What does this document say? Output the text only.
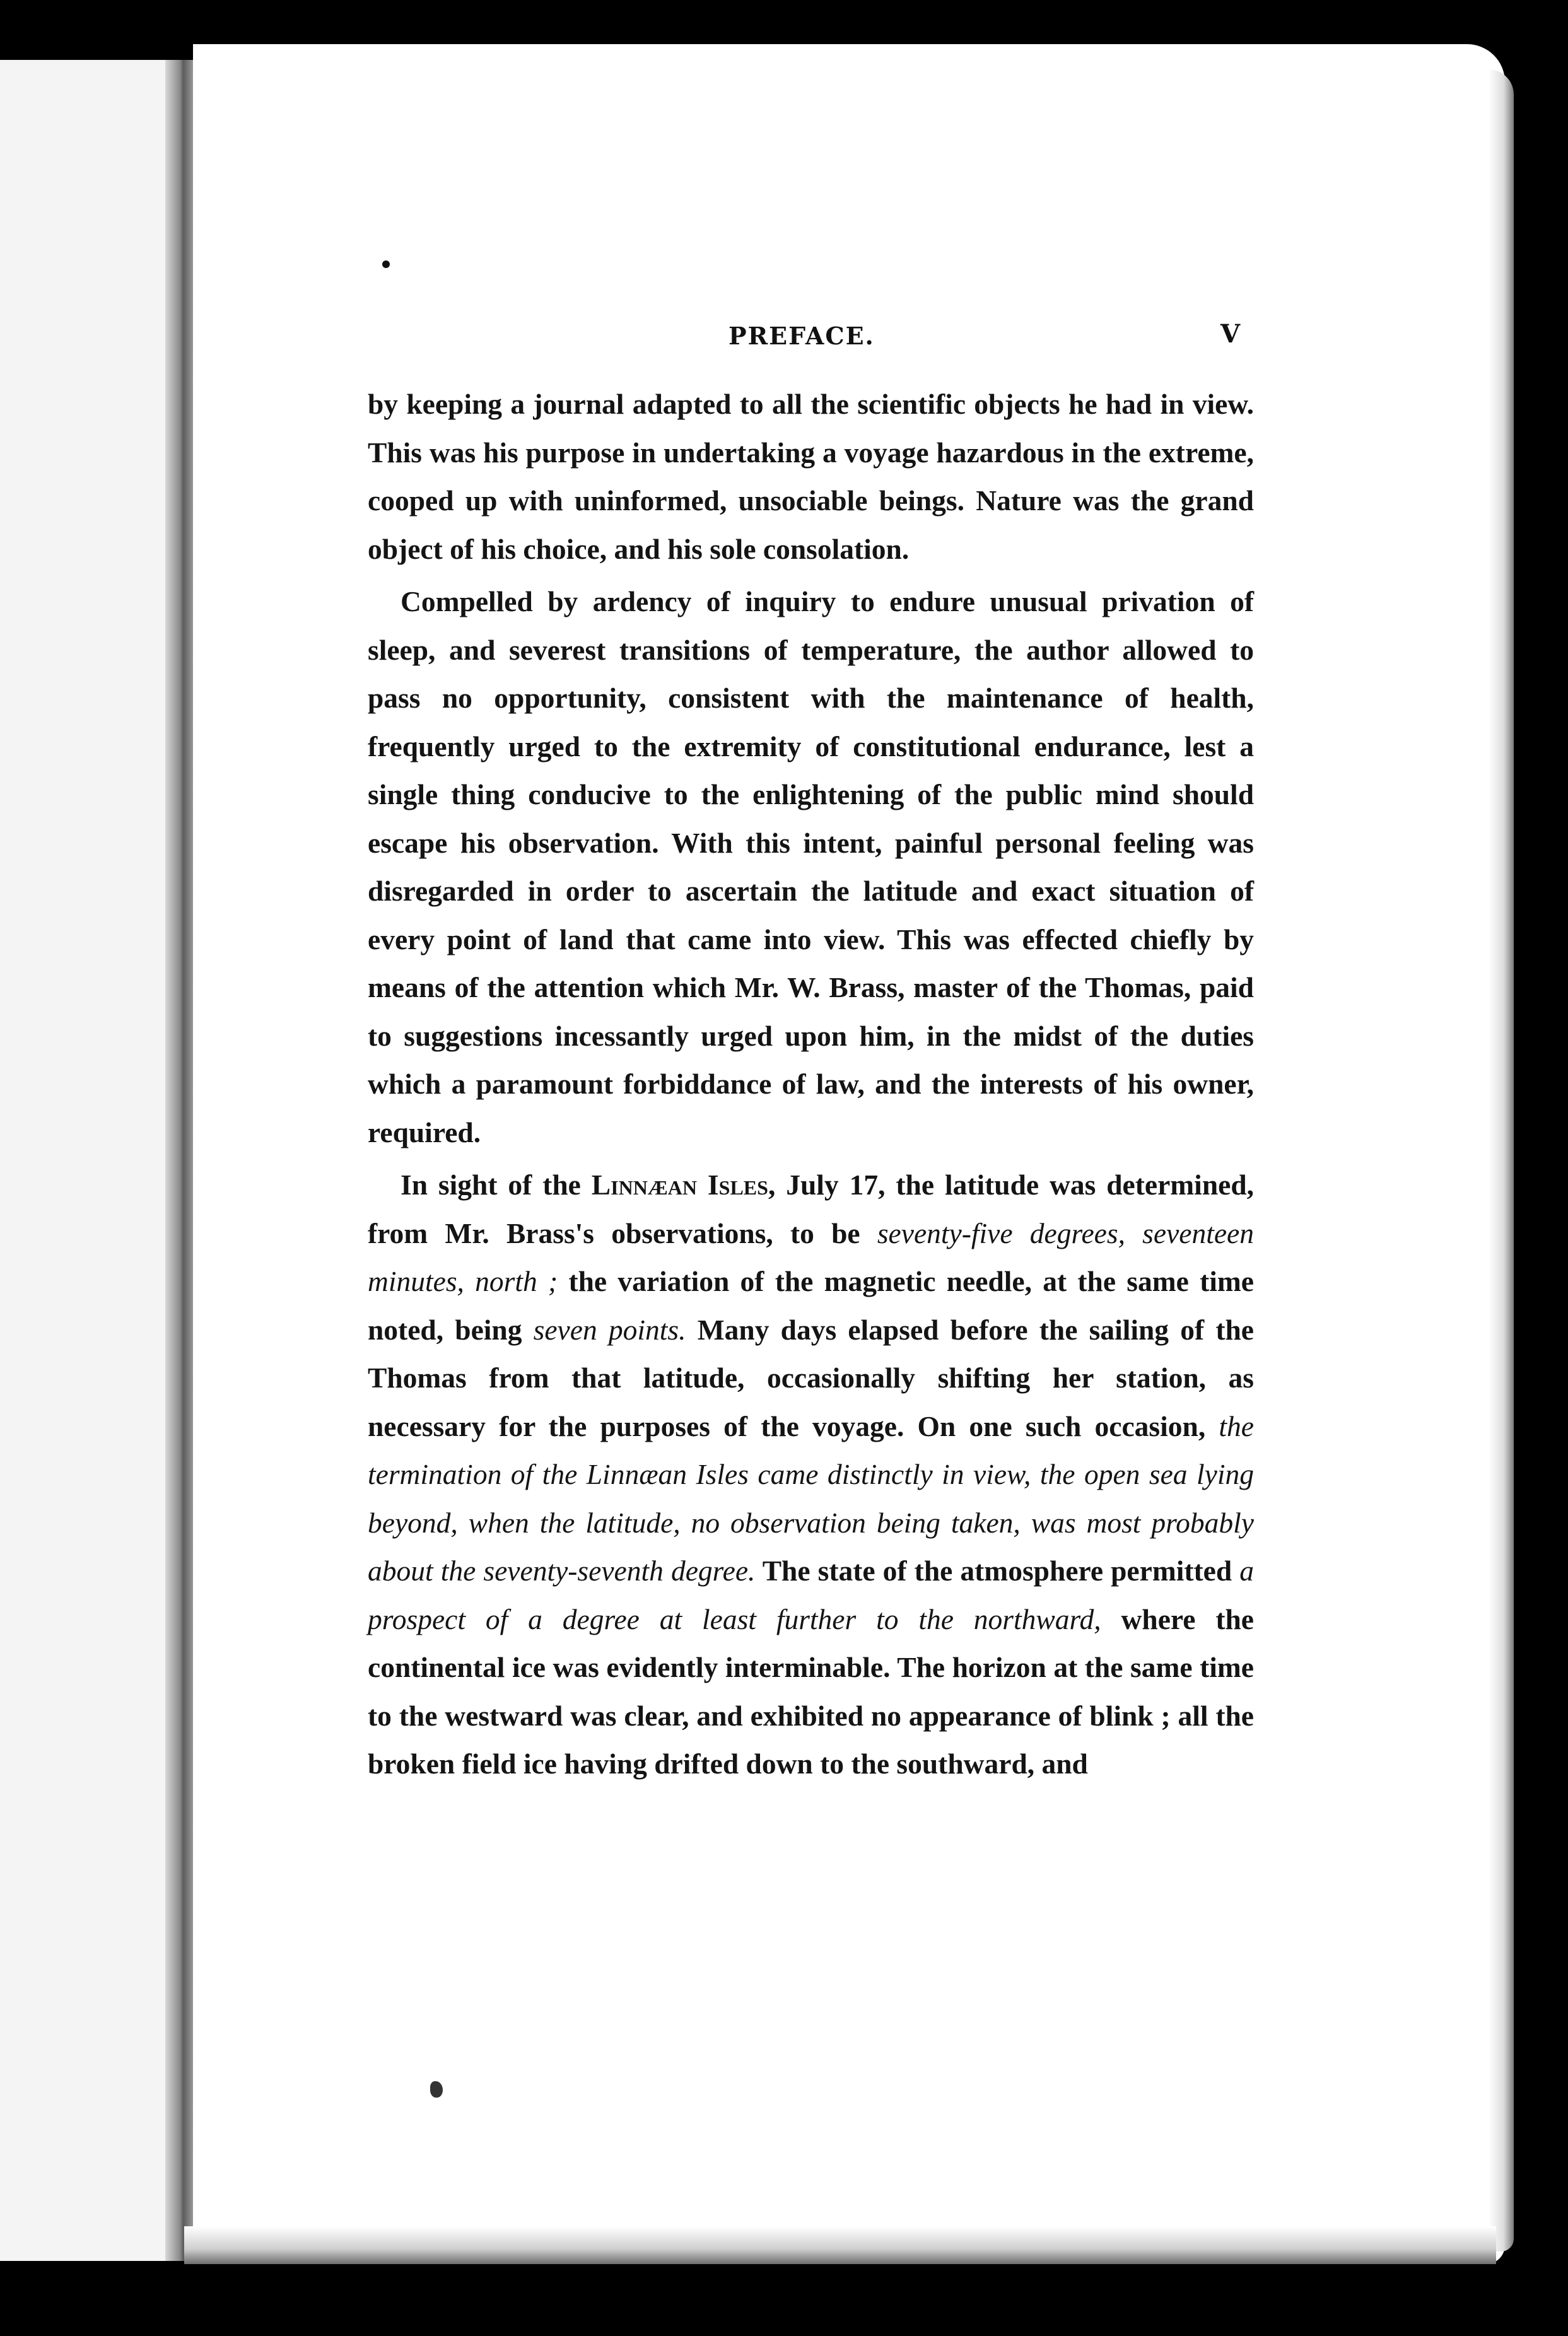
PREFACE.	V

by keeping a journal adapted to all the scientific objects he had in view. This was his purpose in undertaking a voyage hazardous in the extreme, cooped up with uninformed, unsociable beings. Nature was the grand object of his choice, and his sole consolation.

Compelled by ardency of inquiry to endure unusual privation of sleep, and severest transitions of temperature, the author allowed to pass no opportunity, consistent with the maintenance of health, frequently urged to the extremity of constitutional endurance, lest a single thing conducive to the enlightening of the public mind should escape his observation. With this intent, painful personal feeling was disregarded in order to ascertain the latitude and exact situation of every point of land that came into view. This was effected chiefly by means of the attention which Mr. W. Brass, master of the Thomas, paid to suggestions incessantly urged upon him, in the midst of the duties which a paramount forbiddance of law, and the interests of his owner, required.

In sight of the Linnæan Isles, July 17, the latitude was determined, from Mr. Brass's observations, to be seventy-five degrees, seventeen minutes, north ; the variation of the magnetic needle, at the same time noted, being seven points. Many days elapsed before the sailing of the Thomas from that latitude, occasionally shifting her station, as necessary for the purposes of the voyage. On one such occasion, the termination of the Linnæan Isles came distinctly in view, the open sea lying beyond, when the latitude, no observation being taken, was most probably about the seventy-seventh degree. The state of the atmosphere permitted a prospect of a degree at least further to the northward, where the continental ice was evidently interminable. The horizon at the same time to the westward was clear, and exhibited no appearance of blink ; all the broken field ice having drifted down to the southward, and
